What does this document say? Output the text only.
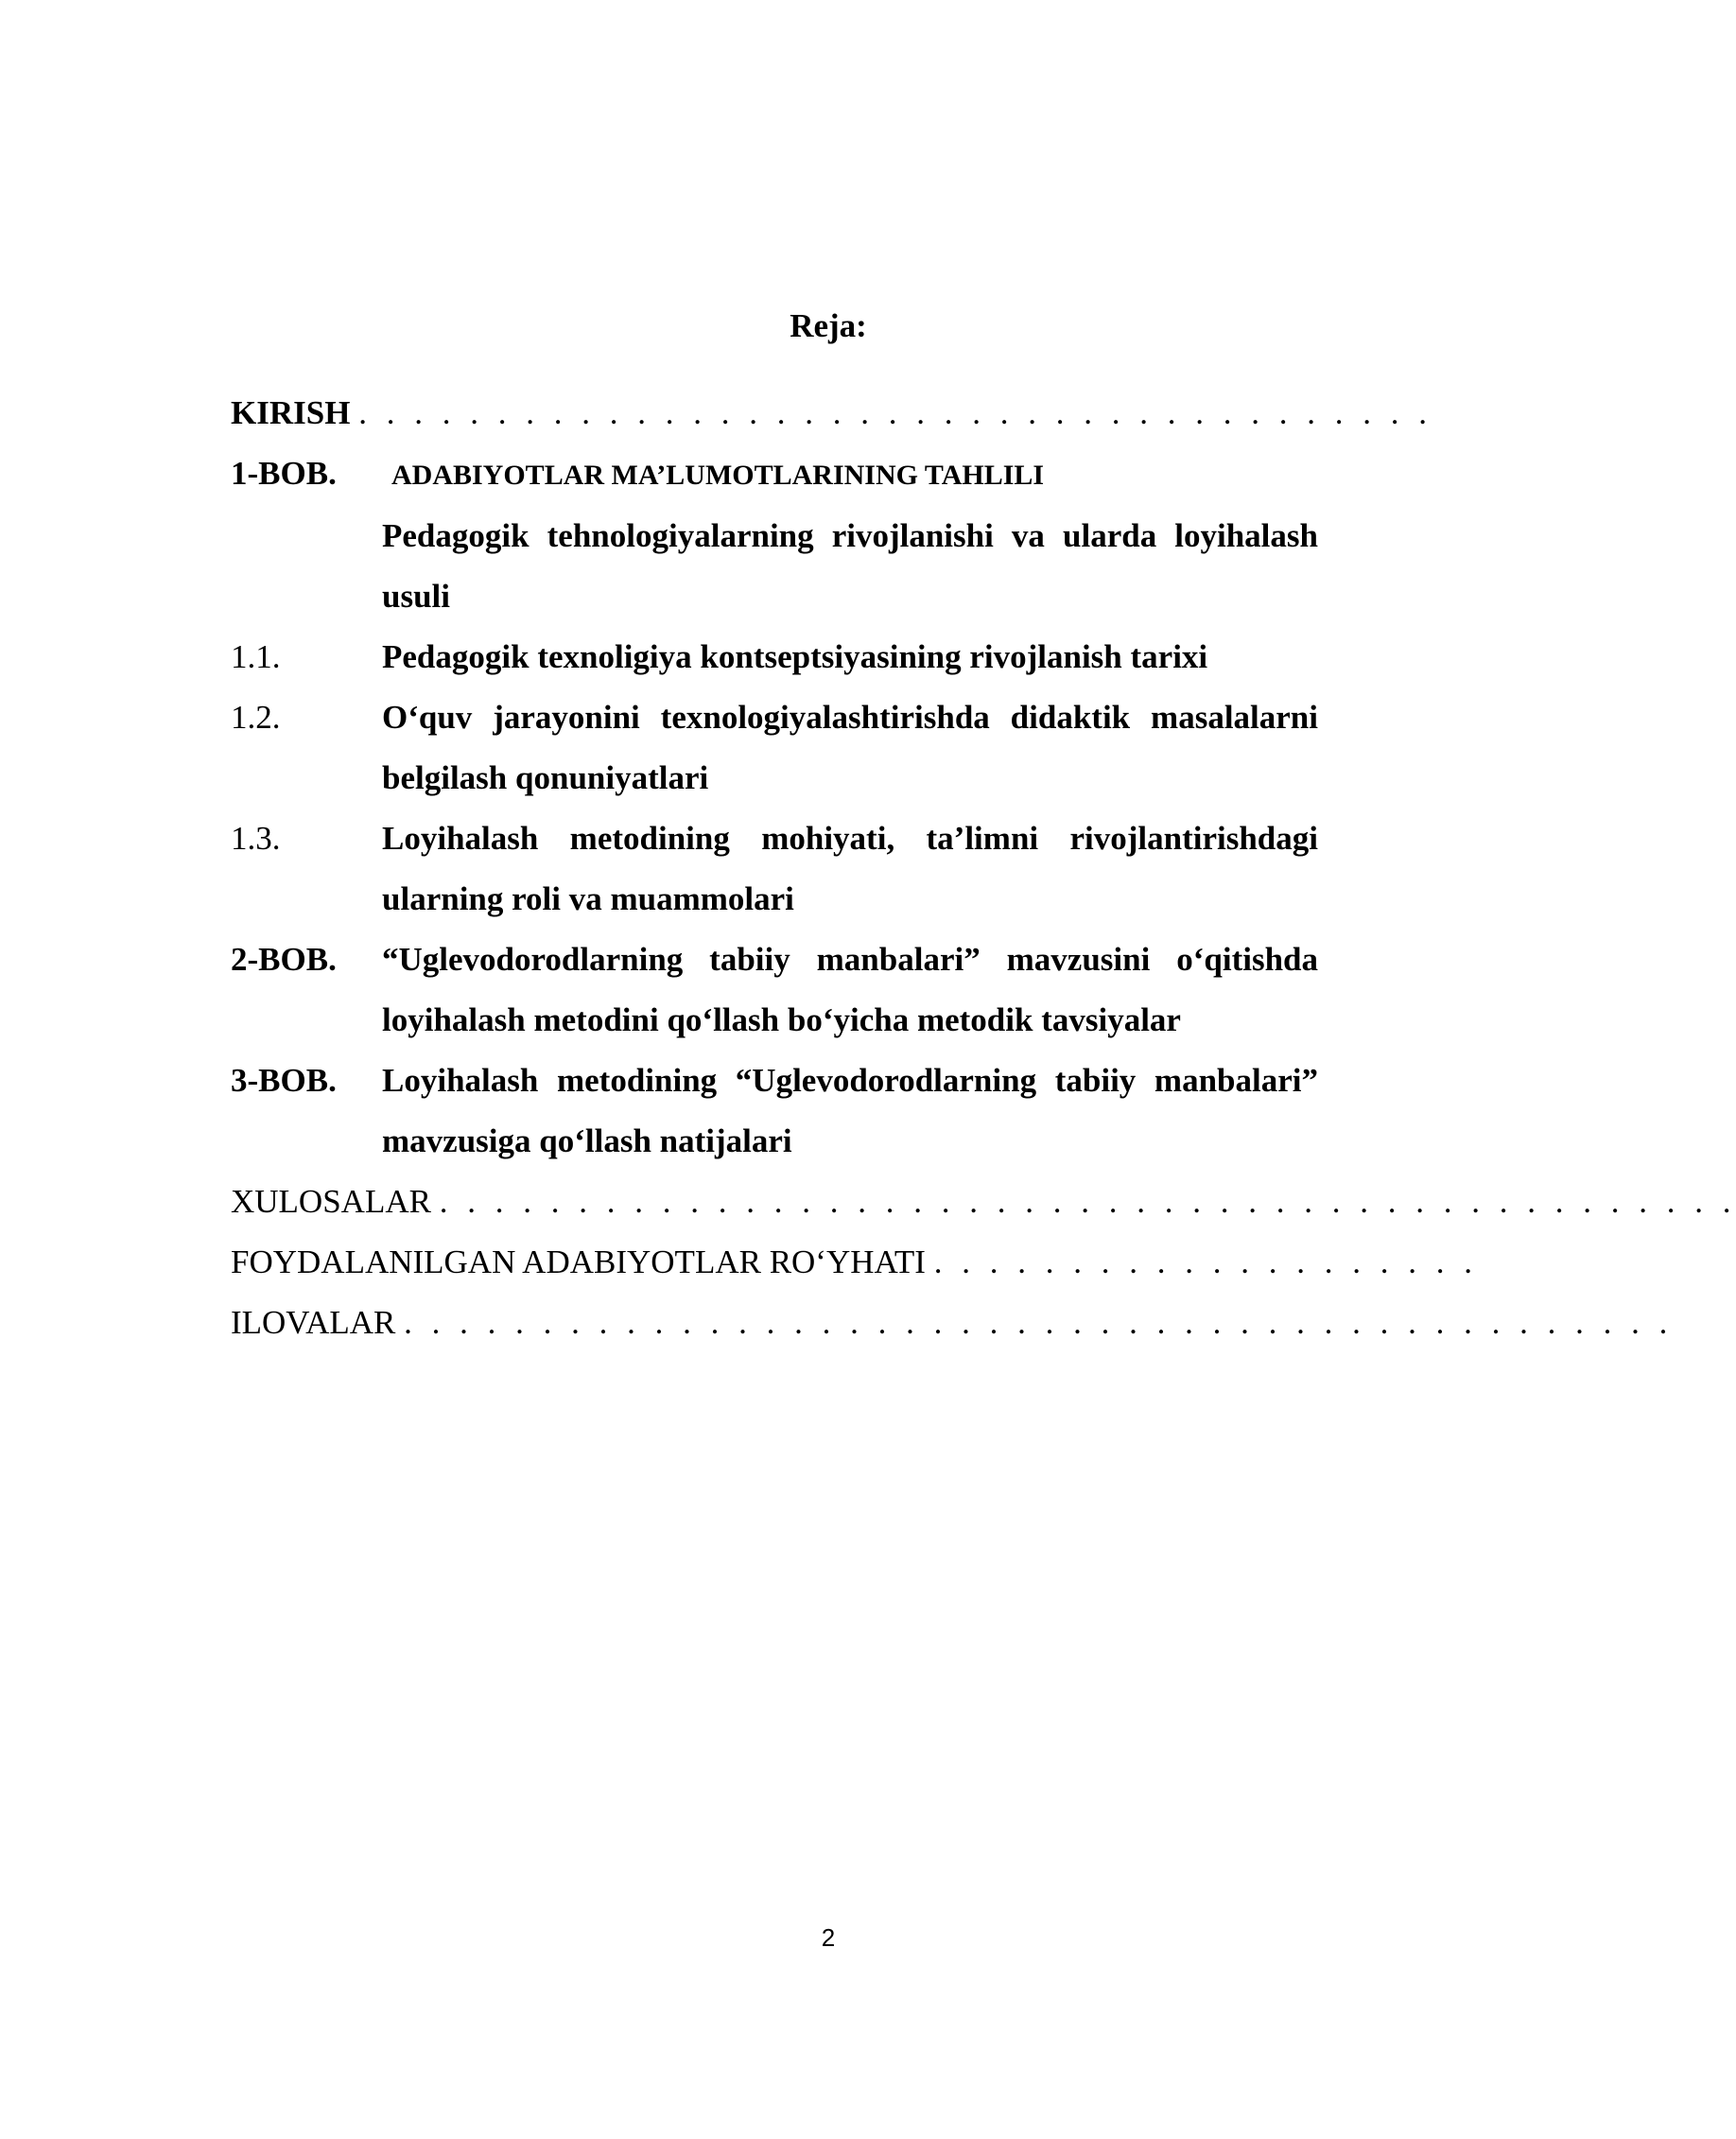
Reja:
KIRISH . . . . . . . . . . . . . . . . . . . . . . . . . . . . . . . . . . . . . . .
1-BOB.	ADABIYOTLAR MA’LUMOTLARINING TAHLILI
Pedagogik tehnologiyalarning rivojlanishi va ularda loyihalash usuli
1.1.	Pedagogik texnoligiya kontseptsiyasining rivojlanish tarixi
1.2.	O‘quv jarayonini texnologiyalashtirishda didaktik masalalarni belgilash qonuniyatlari
1.3.	Loyihalash metodining mohiyati, ta’limni rivojlantirishdagi ularning roli va muammolari
2-BOB.	“Uglevodorodlarning tabiiy manbalari” mavzusini o‘qitishda loyihalash metodini qo‘llash bo‘yicha metodik tavsiyalar
3-BOB.	Loyihalash metodining “Uglevodorodlarning tabiiy manbalari” mavzusiga qo‘llash natijalari
XULOSALAR . . . . . . . . . . . . . . . . . . . . . . . . . . . . . . . . . . . . . . . . . . . . . . .
FOYDALANILGAN ADABIYOTLAR RO‘YHATI . . . . . . . . . . . . . . . . . . . .
ILOVALAR . . . . . . . . . . . . . . . . . . . . . . . . . . . . . . . . . . . . . . . . . . . . . .
2
